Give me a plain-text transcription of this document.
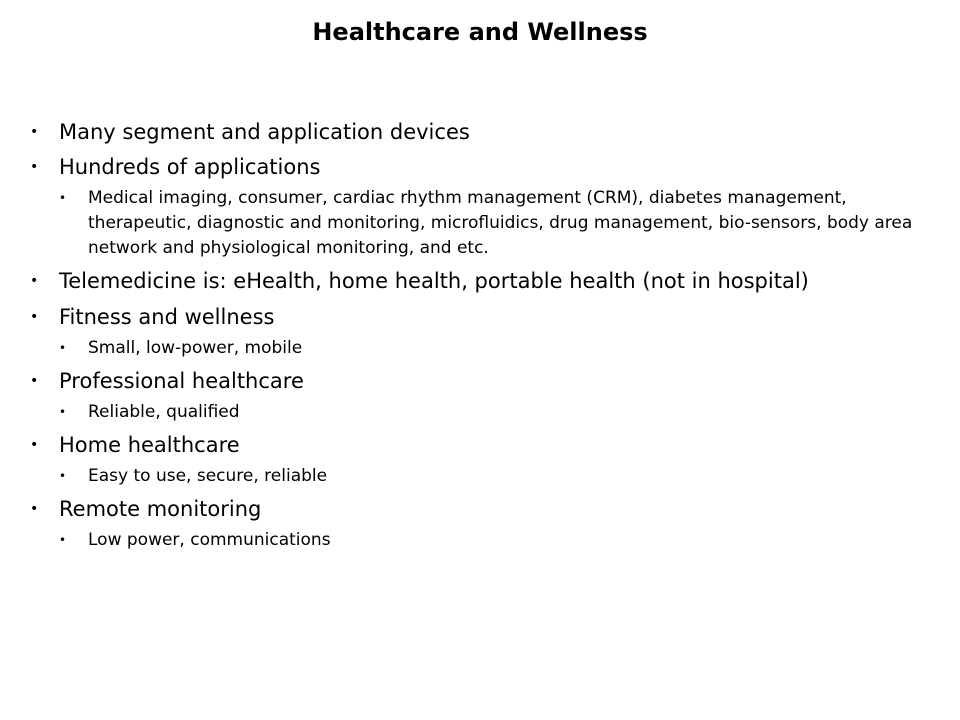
Healthcare and Wellness
• Many segment and application devices
• Hundreds of applications
• Medical imaging, consumer, cardiac rhythm management (CRM), diabetes management, therapeutic, diagnostic and monitoring, microfluidics, drug management, bio-sensors, body area network and physiological monitoring, and etc.
• Telemedicine is: eHealth, home health, portable health (not in hospital)
• Fitness and wellness
• Small, low-power, mobile
• Professional healthcare
• Reliable, qualified
• Home healthcare
• Easy to use, secure, reliable
• Remote monitoring
• Low power, communications
